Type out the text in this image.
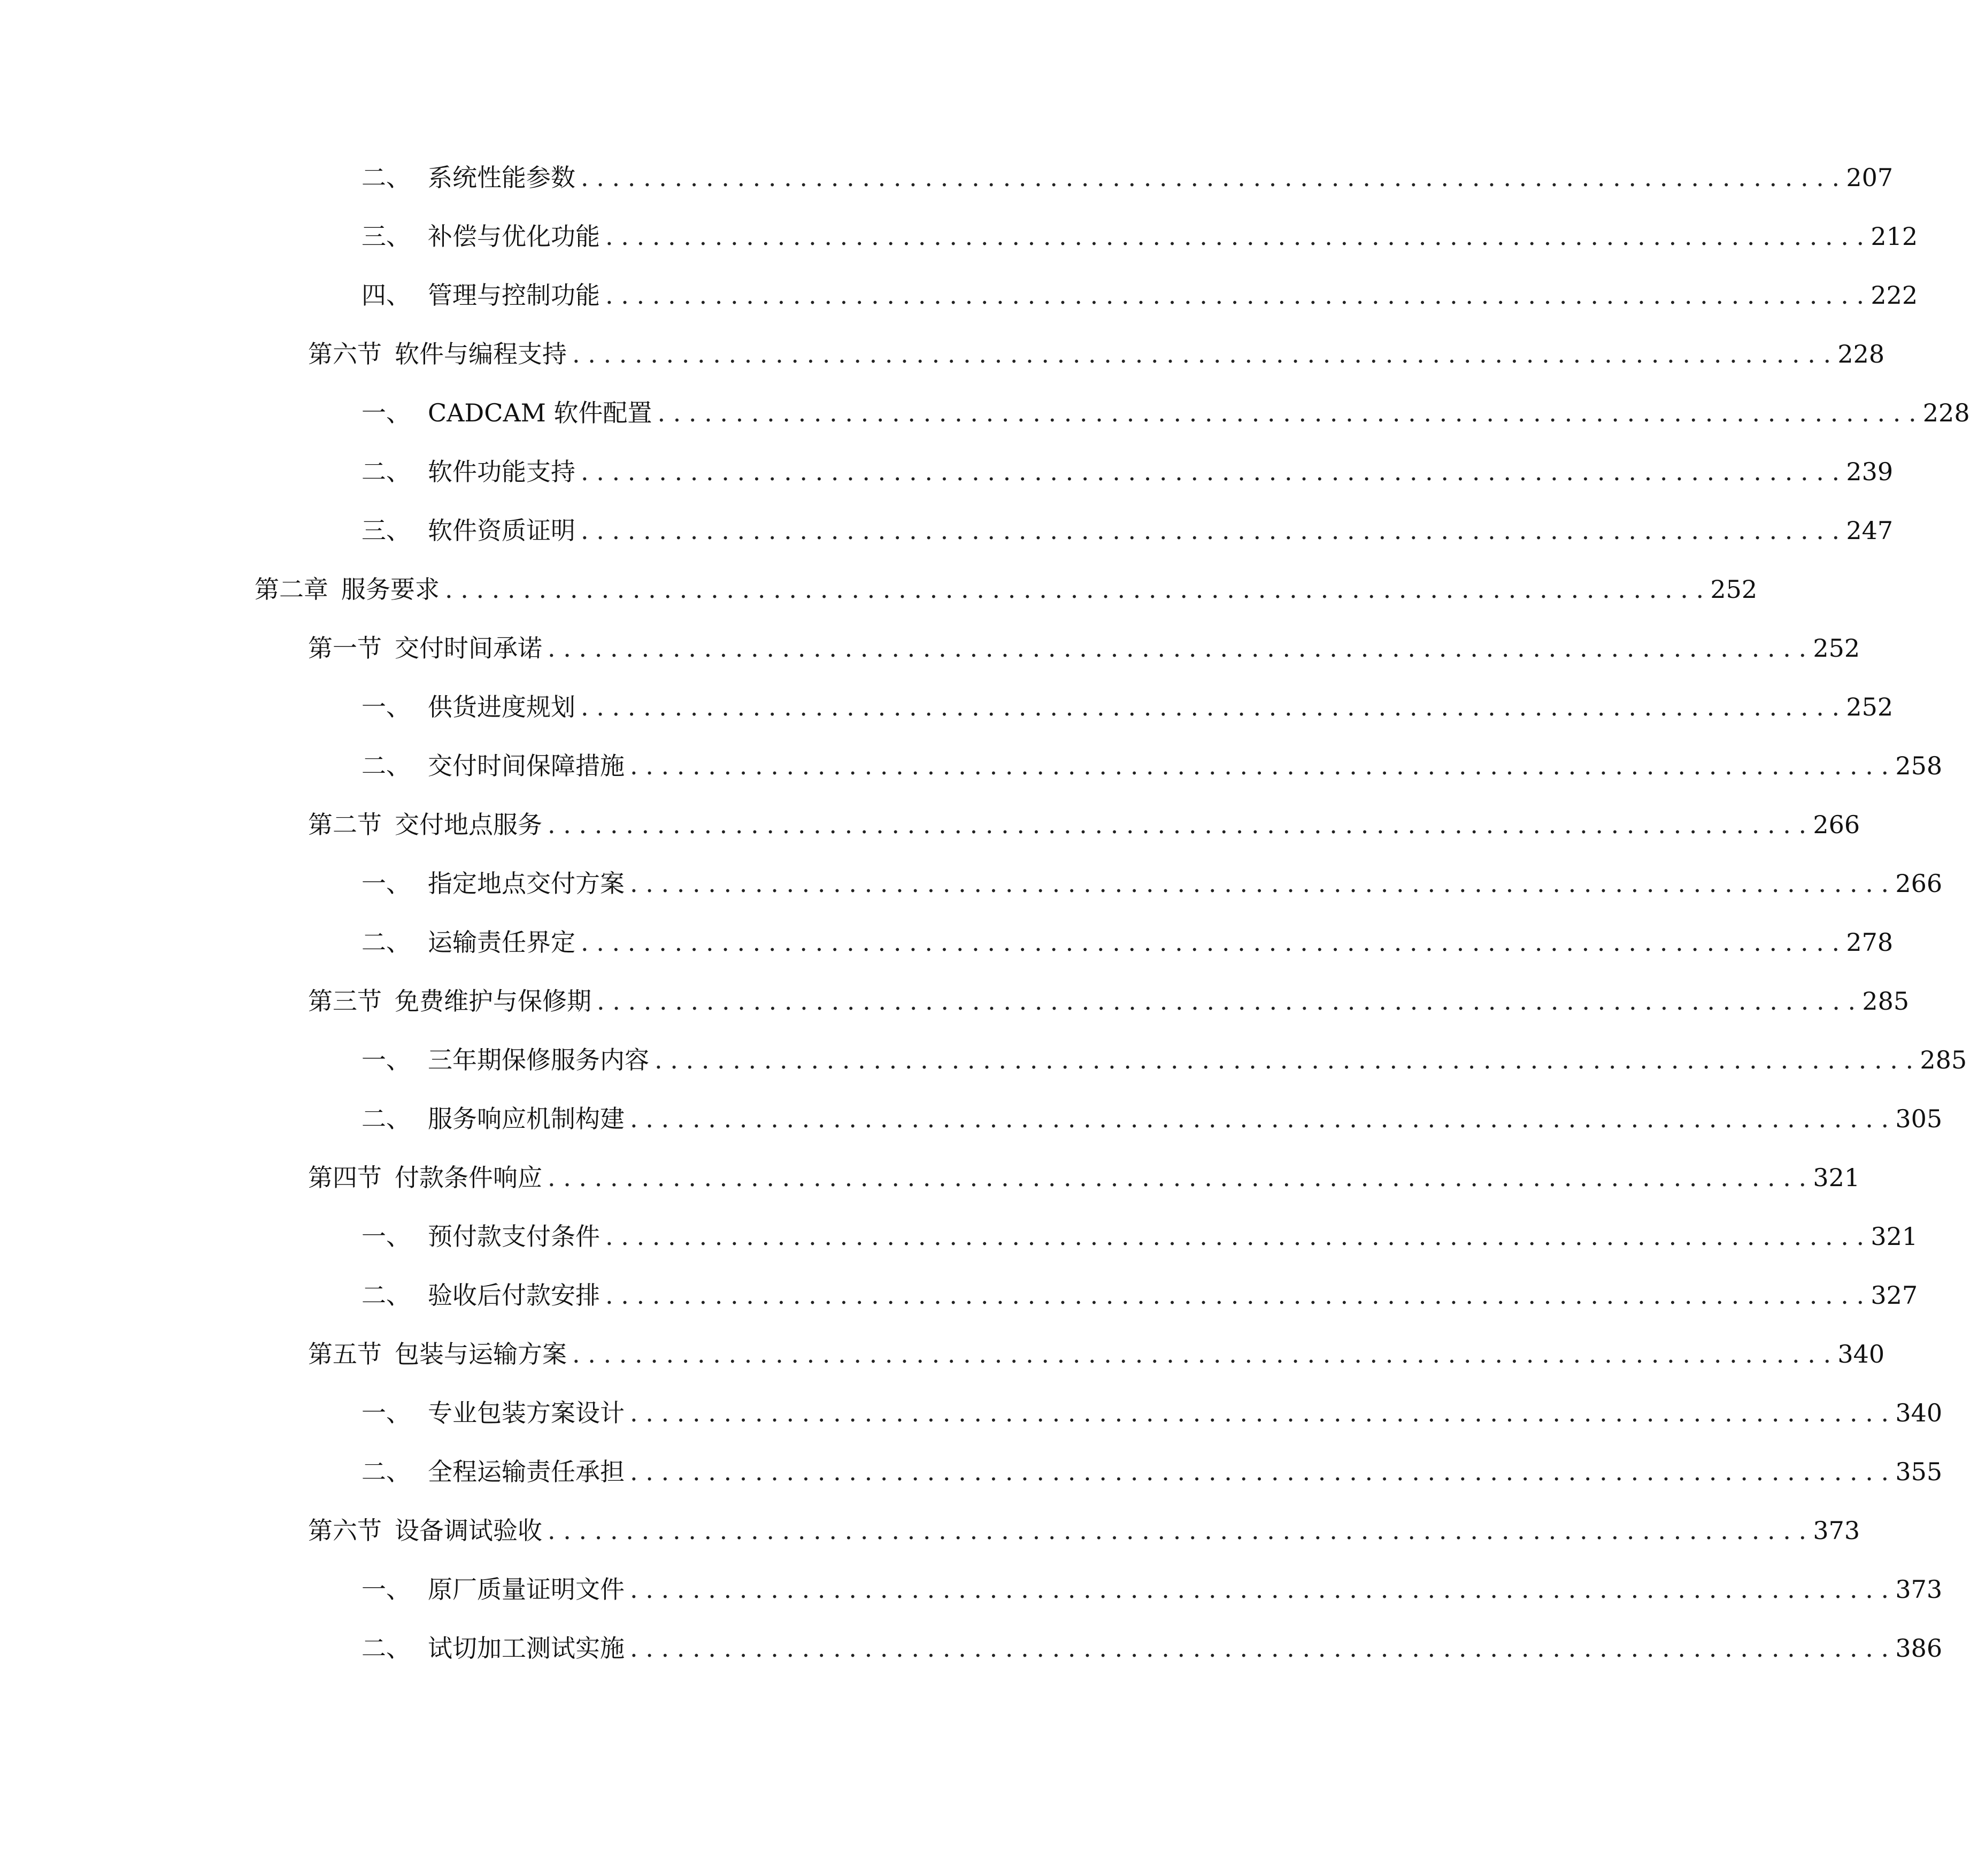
二、 系统性能参数 . . .	207
三、 补偿与优化功能 . . .	212
四、 管理与控制功能 . . .	222
第六节 软件与编程支持 . . .	228
一、 CADCAM 软件配置 . . .	228
二、 软件功能支持 . . .	239
三、 软件资质证明 . . .	247
第二章 服务要求 . . .	252
第一节 交付时间承诺 . . .	252
一、 供货进度规划 . . .	252
二、 交付时间保障措施 . . .	258
第二节 交付地点服务 . . .	266
一、 指定地点交付方案 . . .	266
二、 运输责任界定 . . .	278
第三节 免费维护与保修期 . . .	285
一、 三年期保修服务内容 . . .	285
二、 服务响应机制构建 . . .	305
第四节 付款条件响应 . . .	321
一、 预付款支付条件 . . .	321
二、 验收后付款安排 . . .	327
第五节 包装与运输方案 . . .	340
一、 专业包装方案设计 . . .	340
二、 全程运输责任承担 . . .	355
第六节 设备调试验收 . . .	373
一、 原厂质量证明文件 . . .	373
二、 试切加工测试实施 . . .	386
